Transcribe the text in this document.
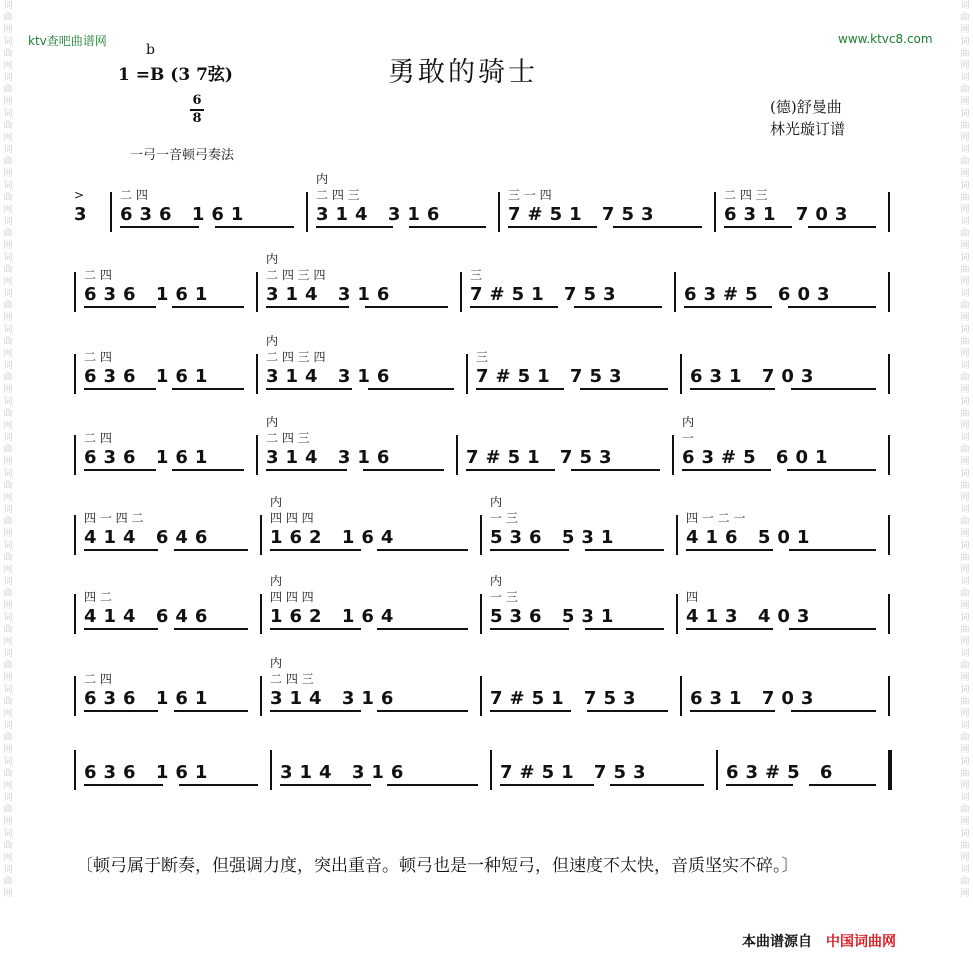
词
曲
网
词
曲
网
词
曲
网
词
曲
网
词
曲
网
词
曲
网
词
曲
网
词
曲
网
词
曲
网
词
曲
网
词
曲
网
词
曲
网
词
曲
网
词
曲
网
词
曲
网
词
曲
网
词
曲
网
词
曲
网
词
曲
网
词
曲
网
词
曲
网
词
曲
网
词
曲
网
词
曲
网
词
曲
网
词
曲
网
词
曲
网
词
曲
网
词
曲
网
词
曲
网
词
曲
网
词
曲
网
词
曲
网
词
曲
网
词
曲
网
词
曲
网
词
曲
网
词
曲
网
词
曲
网
词
曲
网
词
曲
网
词
曲
网
词
曲
网
词
曲
网
词
曲
网
词
曲
网
词
曲
网
词
曲
网
词
曲
网
词
曲
网
ktv查吧曲谱网	www.ktvc8.com
b
1 =B (3 7弦)
6
8
勇敢的骑士
(德)舒曼曲
林光璇订谱
一弓一音顿弓奏法
>
3
二 四
636 161
内
二 四 三
314 316
三 一 四
7#51 753
二 四 三
631 703
二 四
636 161
内
二 四 三 四
314 316
三
7#51 753	63#5 603
二 四
636 161
内
二 四 三 四
314 316
三
7#51 753	631 703
二 四
636 161
内
二 四 三
314 316	7#51 753
内
一
63#5 601
四 一 四 二
414 646
内
四 四 四
162 164
内
一 三
536 531
四 一 二 一
416 501
四 二
414 646
内
四 四 四
162 164
内
一 三
536 531
四
413 403
二 四
636 161
内
二 四 三
314 316	7#51 753	631 703
636 161	314 316	7#51 753	63#5 6
〔顿弓属于断奏，但强调力度，突出重音。顿弓也是一种短弓，但速度不太快，音质坚实不碎。〕
本曲谱源自 中国词曲网
